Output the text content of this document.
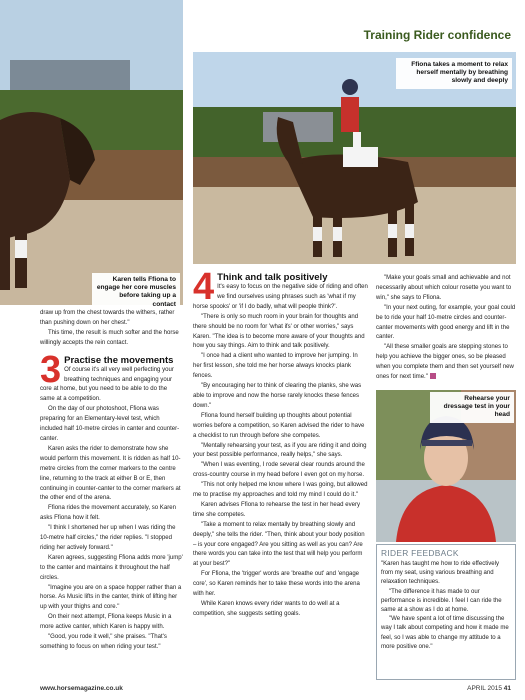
Training Rider confidence
Karen tells Ffiona to engage her core muscles before taking up a contact
Ffiona takes a moment to relax herself mentally by breathing slowly and deeply
Rehearse your dressage test in your head

draw up from the chest towards the withers, rather than pushing down on her chest."

This time, the result is much softer and the horse willingly accepts the rein contact.

3 Practise the movements

Of course it's all very well perfecting your breathing techniques and engaging your core at home, but you need to be able to do the same at a competition.

On the day of our photoshoot, Ffiona was preparing for an Elementary-level test, which included half 10-metre circles in canter and counter-canter.

Karen asks the rider to demonstrate how she would perform this movement. It is ridden as half 10-metre circles from the corner markers to the centre line, returning to the track at either B or E, then continuing in counter-canter to the corner markers at the other end of the arena.

Ffiona rides the movement accurately, so Karen asks Ffiona how it felt.

"I think I shortened her up when I was riding the 10-metre half circles," the rider replies. "I stopped riding her actively forward."

Karen agrees, suggesting Ffiona adds more 'jump' to the canter and maintains it throughout the half circles.

"Imagine you are on a space hopper rather than a horse. As Music lifts in the canter, think of lifting her up with your thighs and core."

On their next attempt, Ffiona keeps Music in a more active canter, which Karen is happy with.

"Good, you rode it well," she praises. "That's something to focus on when riding your test."

4 Think and talk positively

It's easy to focus on the negative side of riding and often we find ourselves using phrases such as 'what if my horse spooks' or 'if I do badly, what will people think?'.

"There is only so much room in your brain for thoughts and there should be no room for 'what ifs' or other worries," says Karen. "The idea is to become more aware of your thoughts and how you say things. Aim to think and talk positively.

"I once had a client who wanted to improve her jumping. In her first lesson, she told me her horse always knocks plank fences.

"By encouraging her to think of clearing the planks, she was able to improve and now the horse rarely knocks these fences down."

Ffiona found herself building up thoughts about potential worries before a competition, so Karen advised the rider to have a checklist to run through before she competes.

"Mentally rehearsing your test, as if you are riding it and doing your best possible performance, really helps," she says.

"When I was eventing, I rode several clear rounds around the cross-country course in my head before I even got on my horse.

"This not only helped me know where I was going, but allowed me to practise my approaches and told my mind I could do it."

Karen advises Ffiona to rehearse the test in her head every time she competes.

"Take a moment to relax mentally by breathing slowly and deeply," she tells the rider. "Then, think about your body position – is your core engaged? Are you sitting as well as you can? Are there words you can take into the test that will help you perform at your best?"

For Ffiona, the 'trigger' words are 'breathe out' and 'engage core', so Karen reminds her to take these words into the arena with her.

While Karen knows every rider wants to do well at a competition, she suggests setting goals.

"Make your goals small and achievable and not necessarily about which colour rosette you want to win," she says to Ffiona.

"In your next outing, for example, your goal could be to ride your half 10-metre circles and counter-canter movements with good energy and lift in the canter.

"All these smaller goals are stepping stones to help you achieve the bigger ones, so be pleased when you complete them and then set yourself new ones for next time."

RIDER FEEDBACK

"Karen has taught me how to ride effectively from my seat, using various breathing and relaxation techniques.

"The difference it has made to our performance is incredible. I feel I can ride the same at a show as I do at home.

"We have spent a lot of time discussing the way I talk about competing and how it made me feel, so I was able to change my attitude to a more positive one."

www.horsemagazine.co.uk	APRIL 2015 41
